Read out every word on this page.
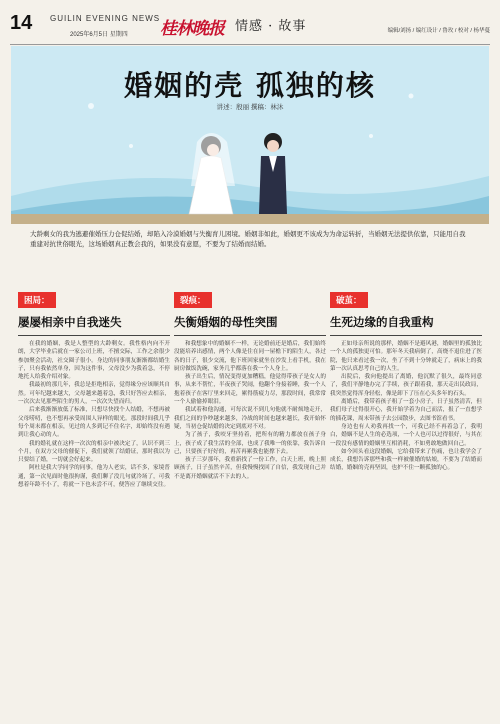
14 GUILIN EVENING NEWS
2025年6月5日 星期四 桂林晚报 情感 · 故事	编辑/刘扬 / 编红设计 / 鲁玫 / 校对 / 杨华蔓
婚姻的壳 孤独的核
讲述：殷丽 撰稿：林沐
大龄剩女的我为逃避催婚压力仓促结婚，却陷入冷漠婚姻与失衡育儿困境。婚姻非如此，婚姻更不该成为为命运转折，当婚姻无法提供依靠，只能用自我重建对抗世俗眼光，这场婚姻真正教会我的，如果没有意愿，不要为了结婚而结婚。
困局：
屡屡相亲中自我迷失

在我的婚姻，我是人整型的大龄剩女。我性格内向不开朗，大学毕业后就在一家公司上班，不擅交际，工作之余很少参加聚会活动，社交圈子很小。身边的同事朋友渐渐都结婚生子，只有我依然单身，因为这件事，父母没少为我着急，不停地托人给我介绍对象。

我最初的那几年，我总是拒绝相亲，觉得缘分应该顺其自然。可年纪越来越大，父母越来越着急，我只好答应去相亲，一次次去见那些陌生的男人，一次次失望而归。

后来我渐渐放低了标准，只想尽快找个人结婚，不想再被父母唠叨，也不想再承受周围人异样的眼光。那段时间我几乎每个周末都在相亲，见过的人多到记不住名字，却始终没有遇到让我心动的人。

我的婚礼就在这样一次次的相亲中被决定了，认识不到三个月，在双方父母的催促下，我们就领了结婚证，那时我以为只要结了婚，一切就会好起来。

阿杜是我大学同学的同事，他为人老实，话不多，家境普通，第一次见面时他很拘谨，我们聊了没几句就冷场了，可我想着年龄不小了，将就一下也未尝不可，便答应了继续交往。

裂痕：
失衡婚姻的母性突围

和我想象中的婚姻不一样，无论婚前还是婚后，我们始终没能培养出感情，两个人像是住在同一屋檐下的陌生人，各过各的日子，很少交流，他下班回家就坐在沙发上看手机，我在厨房做饭洗碗，家务几乎都落在我一个人身上。

孩子出生后，情况变得更加糟糕，他觉得带孩子是女人的事，从来不帮忙，半夜孩子哭闹，他翻个身接着睡，我一个人抱着孩子在客厅里来回走，累得筋疲力尽，那段时间，我常常一个人偷偷掉眼泪。

我试着和他沟通，可每次说不到几句他就不耐烦地走开，我们之间的争吵越来越多，冷战的时间也越来越长，我开始怀疑，当初仓促结婚的决定到底对不对。

为了孩子，我咬牙坚持着，把所有的精力都放在孩子身上，孩子成了我生活的全部，也成了我唯一的依靠，我告诉自己，只要孩子好好的，再苦再累我也能撑下去。

孩子三岁那年，我重新找了一份工作，白天上班，晚上照顾孩子，日子虽然辛苦，但我慢慢找回了自信，我发现自己并不是离开婚姻就活不下去的人。

破茧：
生死边缘的自我重构

正如母亲所说的那样，婚姻不是避风港，婚姻里的孤独比一个人的孤独更可怕。那年冬天我病倒了，高烧不退住进了医院，他只来看过我一次，坐了不到十分钟就走了，病床上的我第一次认真思考自己的人生。

出院后，我向他提出了离婚，他沉默了很久，最终同意了，我们平静地办完了手续，孩子跟着我，那天走出民政局，我突然觉得浑身轻松，像是卸下了压在心头多年的石头。

离婚后，我带着孩子租了一套小房子，日子虽然清苦，但我们母子过得很开心，我开始学着为自己而活，报了一直想学的插花课，周末带孩子去公园散步，去图书馆看书。

身边也有人劝我再找一个，可我已经不再着急了，我明白，婚姻不是人生的必选项，一个人也可以过得很好，与其在一段没有感情的婚姻里互相消耗，不如勇敢地做回自己。

如今回头看这段婚姻，它给我带来了伤痛，也让我学会了成长，我想告诉那些和我一样被催婚的姑娘，不要为了结婚而结婚，婚姻的壳再坚固，也护不住一颗孤独的心。
